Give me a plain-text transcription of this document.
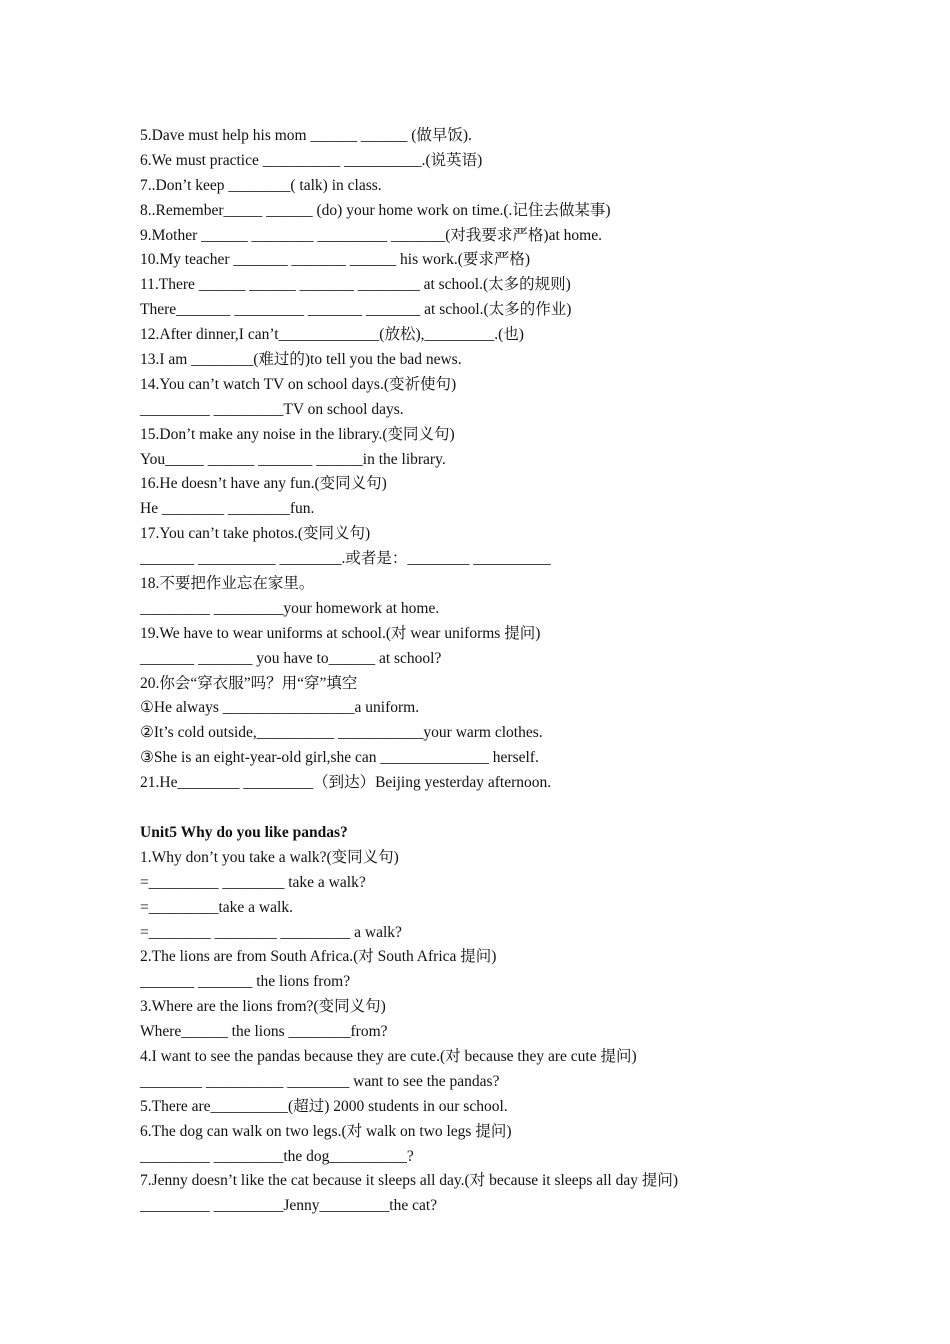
5.Dave must help his mom ______ ______ (做早饭).
6.We must practice __________ __________.(说英语)
7..Don’t keep ________( talk) in class.
8..Remember_____ ______ (do) your home work on time.(.记住去做某事)
9.Mother ______ ________ _________ _______(对我要求严格)at home.
10.My teacher _______ _______ ______ his work.(要求严格)
11.There ______ ______ _______ ________ at school.(太多的规则)
There_______ _________ _______ _______ at school.(太多的作业)
12.After dinner,I can’t_____________(放松),_________.(也)
13.I am ________(难过的)to tell you the bad news.
14.You can’t watch TV on school days.(变祈使句)
_________ _________TV on school days.
15.Don’t make any noise in the library.(变同义句)
You_____ ______ _______ ______in the library.
16.He doesn’t have any fun.(变同义句)
He ________ ________fun.
17.You can’t take photos.(变同义句)
_______ __________ ________.或者是：________ __________
18.不要把作业忘在家里。
_________ _________your homework at home.
19.We have to wear uniforms at school.(对 wear uniforms 提问)
_______ _______ you have to______ at school?
20.你会“穿衣服”吗？用“穿”填空
①He always _________________a uniform.
②It’s cold outside,__________ ___________your warm clothes.
③She is an eight-year-old girl,she can ______________ herself.
21.He________ _________（到达）Beijing yesterday afternoon.
Unit5 Why do you like pandas?
1.Why don’t you take a walk?(变同义句)
=_________ ________ take a walk?
=_________take a walk.
=________ ________ _________ a walk?
2.The lions are from South Africa.(对 South Africa 提问)
_______ _______ the lions from?
3.Where are the lions from?(变同义句)
Where______ the lions ________from?
4.I want to see the pandas because they are cute.(对 because they are cute 提问)
________ __________ ________ want to see the pandas?
5.There are__________(超过) 2000 students in our school.
6.The dog can walk on two legs.(对 walk on two legs 提问)
_________ _________the dog__________?
7.Jenny doesn’t like the cat because it sleeps all day.(对 because it sleeps all day 提问)
_________ _________Jenny_________the cat?
